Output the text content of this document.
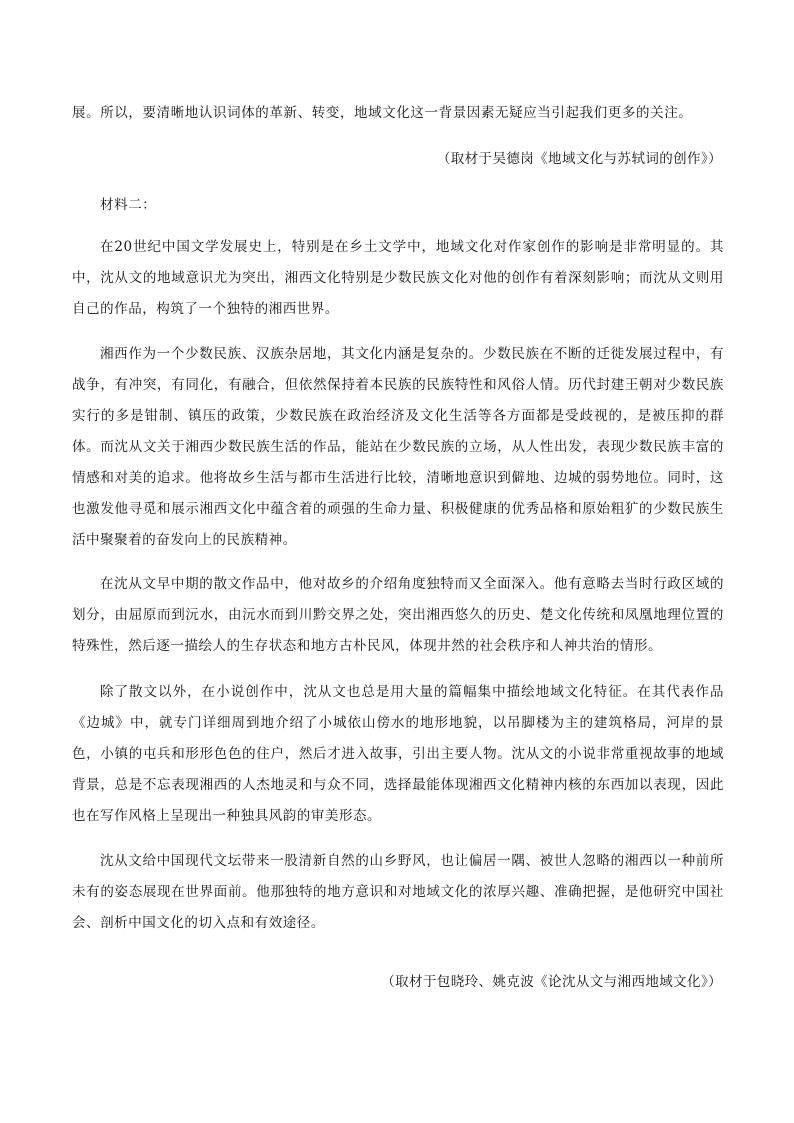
展。所以，要清晰地认识词体的革新、转变，地域文化这一背景因素无疑应当引起我们更多的关注。
（取材于吴德岗《地域文化与苏轼词的创作》）
材料二：
在20世纪中国文学发展史上，特别是在乡土文学中，地域文化对作家创作的影响是非常明显的。其中，沈从文的地域意识尤为突出，湘西文化特别是少数民族文化对他的创作有着深刻影响；而沈从文则用自己的作品，构筑了一个独特的湘西世界。
湘西作为一个少数民族、汉族杂居地，其文化内涵是复杂的。少数民族在不断的迁徙发展过程中，有战争，有冲突，有同化，有融合，但依然保持着本民族的民族特性和风俗人情。历代封建王朝对少数民族实行的多是钳制、镇压的政策，少数民族在政治经济及文化生活等各方面都是受歧视的，是被压抑的群体。而沈从文关于湘西少数民族生活的作品，能站在少数民族的立场，从人性出发，表现少数民族丰富的情感和对美的追求。他将故乡生活与都市生活进行比较，清晰地意识到僻地、边城的弱势地位。同时，这也激发他寻觅和展示湘西文化中蕴含着的顽强的生命力量、积极健康的优秀品格和原始粗犷的少数民族生活中聚聚着的奋发向上的民族精神。
在沈从文早中期的散文作品中，他对故乡的介绍角度独特而又全面深入。他有意略去当时行政区域的划分，由屈原而到沅水，由沅水而到川黔交界之处，突出湘西悠久的历史、楚文化传统和凤凰地理位置的特殊性，然后逐一描绘人的生存状态和地方古朴民风，体现井然的社会秩序和人神共治的情形。
除了散文以外，在小说创作中，沈从文也总是用大量的篇幅集中描绘地域文化特征。在其代表作品《边城》中，就专门详细周到地介绍了小城依山傍水的地形地貌，以吊脚楼为主的建筑格局，河岸的景色，小镇的屯兵和形形色色的住户，然后才进入故事，引出主要人物。沈从文的小说非常重视故事的地域背景，总是不忘表现湘西的人杰地灵和与众不同，选择最能体现湘西文化精神内核的东西加以表现，因此也在写作风格上呈现出一种独具风韵的审美形态。
沈从文给中国现代文坛带来一股清新自然的山乡野风，也让偏居一隅、被世人忽略的湘西以一种前所未有的姿态展现在世界面前。他那独特的地方意识和对地域文化的浓厚兴趣、准确把握，是他研究中国社会、剖析中国文化的切入点和有效途径。
（取材于包晓玲、姚克波《论沈从文与湘西地域文化》）
